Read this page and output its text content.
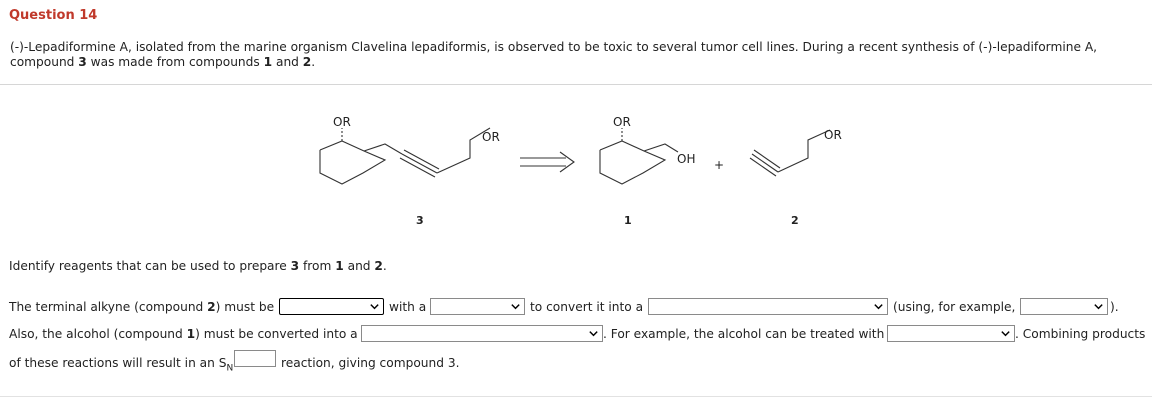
Question 14
(-)-Lepadiformine A, isolated from the marine organism Clavelina lepadiformis, is observed to be toxic to several tumor cell lines. During a recent synthesis of (-)-lepadiformine A,
compound 3 was made from compounds 1 and 2.
OR
OR
OR
OH +
OR
3	1	2
Identify reagents that can be used to prepare 3 from 1 and 2.
The terminal alkyne (compound 2) must be	with a	to convert it into a	(using, for example,	).
Also, the alcohol (compound 1) must be converted into a	. For example, the alcohol can be treated with	. Combining products
of these reactions will result in an $S_N$	reaction, giving compound 3.
